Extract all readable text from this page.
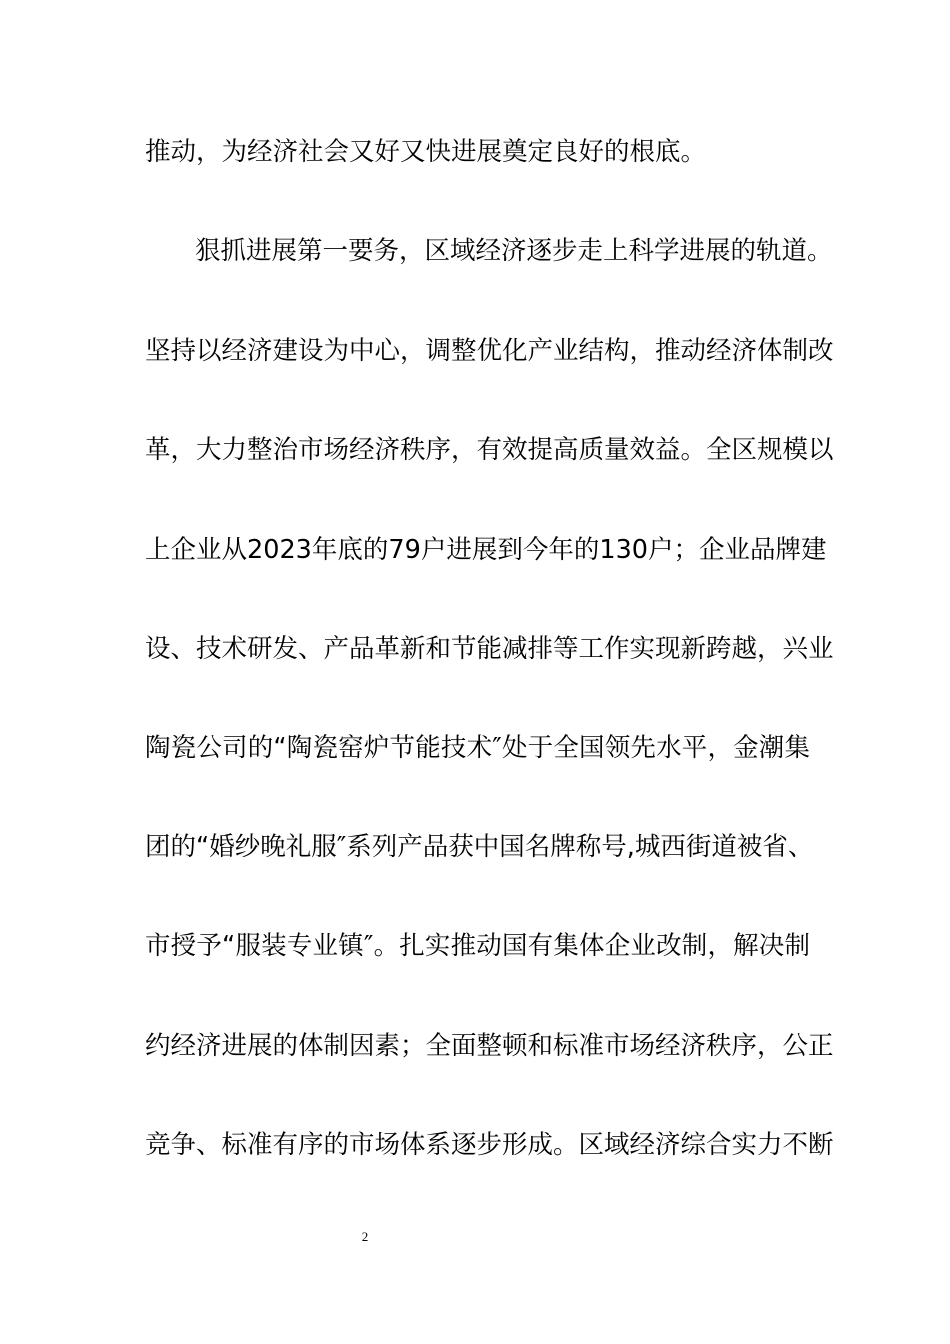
推动，为经济社会又好又快进展奠定良好的根底。
狠抓进展第一要务，区域经济逐步走上科学进展的轨道。
坚持以经济建设为中心，调整优化产业结构，推动经济体制改
革，大力整治市场经济秩序，有效提高质量效益。全区规模以
上企业从2023年底的79户进展到今年的130户；企业品牌建
设、技术研发、产品革新和节能减排等工作实现新跨越，兴业
陶瓷公司的“陶瓷窑炉节能技术″处于全国领先水平，金潮集
团的“婚纱晚礼服″系列产品获中国名牌称号,城西街道被省、
市授予“服装专业镇″。扎实推动国有集体企业改制，解决制
约经济进展的体制因素；全面整顿和标准市场经济秩序，公正
竞争、标准有序的市场体系逐步形成。区域经济综合实力不断
2
